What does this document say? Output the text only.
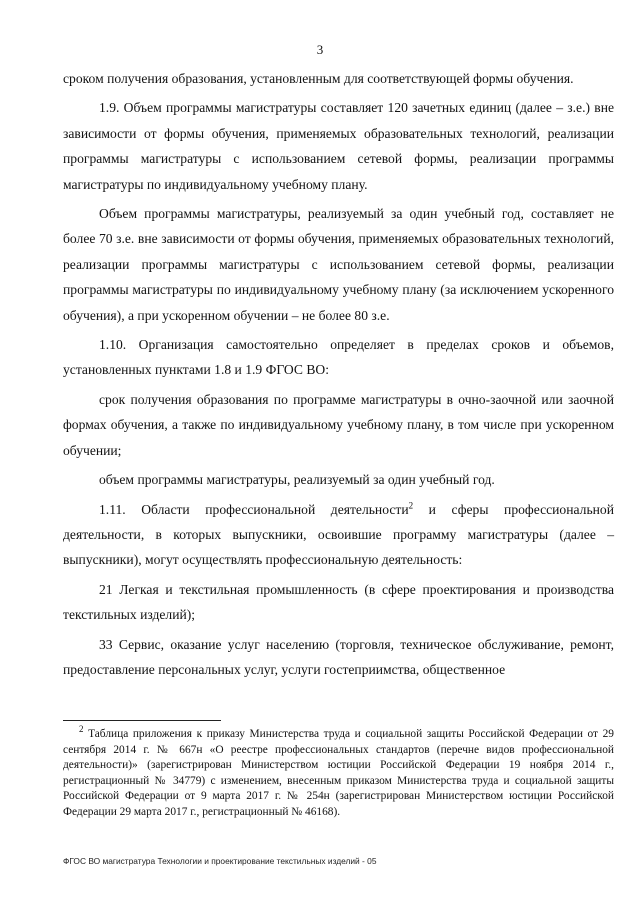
3

сроком получения образования, установленным для соответствующей формы обучения.

1.9. Объем программы магистратуры составляет 120 зачетных единиц (далее – з.е.) вне зависимости от формы обучения, применяемых образовательных технологий, реализации программы магистратуры с использованием сетевой формы, реализации программы магистратуры по индивидуальному учебному плану.

Объем программы магистратуры, реализуемый за один учебный год, составляет не более 70 з.е. вне зависимости от формы обучения, применяемых образовательных технологий, реализации программы магистратуры с использованием сетевой формы, реализации программы магистратуры по индивидуальному учебному плану (за исключением ускоренного обучения), а при ускоренном обучении – не более 80 з.е.

1.10. Организация самостоятельно определяет в пределах сроков и объемов, установленных пунктами 1.8 и 1.9 ФГОС ВО:

срок получения образования по программе магистратуры в очно-заочной или заочной формах обучения, а также по индивидуальному учебному плану, в том числе при ускоренном обучении;

объем программы магистратуры, реализуемый за один учебный год.

1.11. Области профессиональной деятельности$^2$ и сферы профессиональной деятельности, в которых выпускники, освоившие программу магистратуры (далее – выпускники), могут осуществлять профессиональную деятельность:

21 Легкая и текстильная промышленность (в сфере проектирования и производства текстильных изделий);

33 Сервис, оказание услуг населению (торговля, техническое обслуживание, ремонт, предоставление персональных услуг, услуги гостеприимства, общественное

$^2$ Таблица приложения к приказу Министерства труда и социальной защиты Российской Федерации от 29 сентября 2014 г. № 667н «О реестре профессиональных стандартов (перечне видов профессиональной деятельности)» (зарегистрирован Министерством юстиции Российской Федерации 19 ноября 2014 г., регистрационный № 34779) с изменением, внесенным приказом Министерства труда и социальной защиты Российской Федерации от 9 марта 2017 г. № 254н (зарегистрирован Министерством юстиции Российской Федерации 29 марта 2017 г., регистрационный № 46168).

ФГОС ВО магистратура Технологии и проектирование текстильных изделий - 05
